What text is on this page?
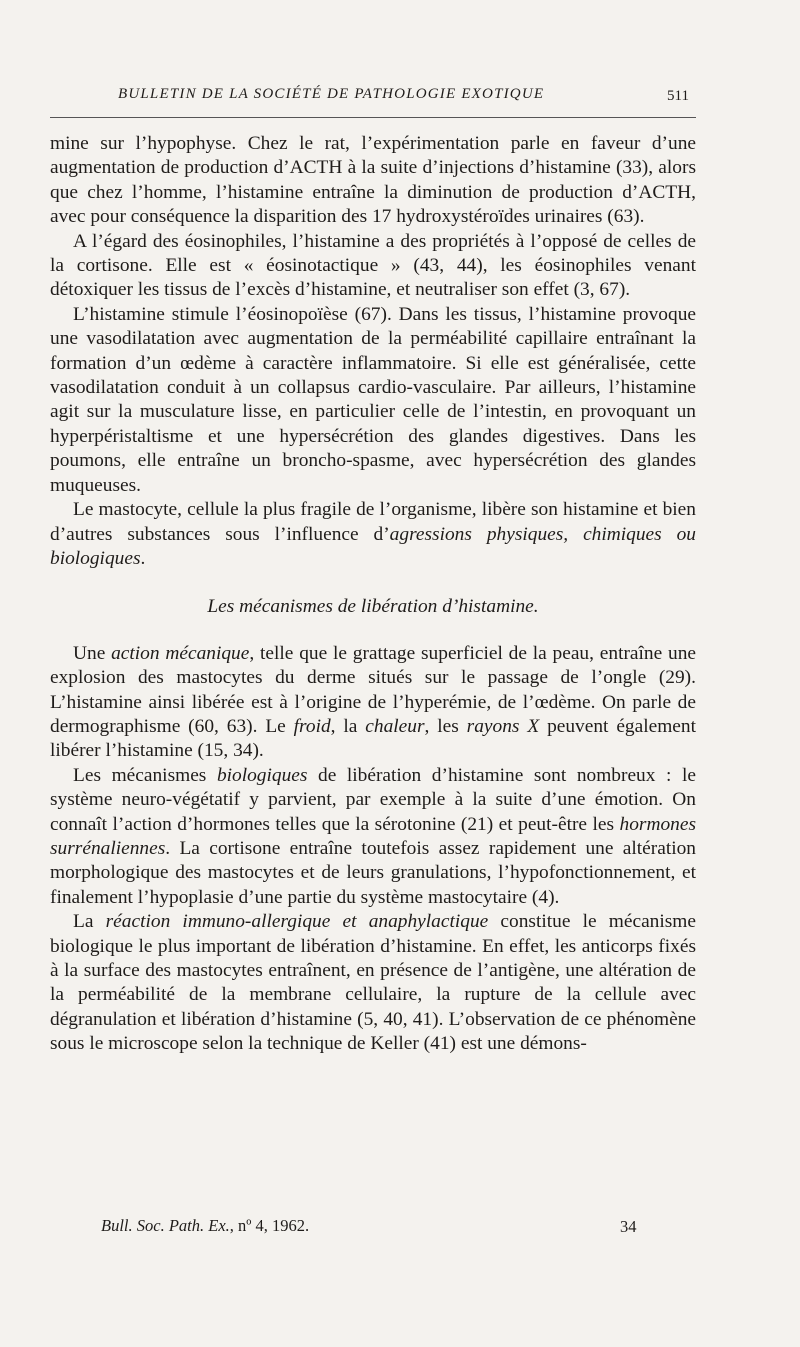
BULLETIN DE LA SOCIÉTÉ DE PATHOLOGIE EXOTIQUE	511

mine sur l’hypophyse. Chez le rat, l’expérimentation parle en faveur d’une augmentation de production d’ACTH à la suite d’injections d’histamine (33), alors que chez l’homme, l’histamine entraîne la diminution de production d’ACTH, avec pour conséquence la disparition des 17 hydroxystéroïdes urinaires (63).

A l’égard des éosinophiles, l’histamine a des propriétés à l’opposé de celles de la cortisone. Elle est « éosinotactique » (43, 44), les éosinophiles venant détoxiquer les tissus de l’excès d’histamine, et neutraliser son effet (3, 67).

L’histamine stimule l’éosinopoïèse (67). Dans les tissus, l’histamine provoque une vasodilatation avec augmentation de la perméabilité capillaire entraînant la formation d’un œdème à caractère inflammatoire. Si elle est généralisée, cette vasodilatation conduit à un collapsus cardio-vasculaire. Par ailleurs, l’histamine agit sur la musculature lisse, en particulier celle de l’intestin, en provoquant un hyperpéristaltisme et une hypersécrétion des glandes digestives. Dans les poumons, elle entraîne un broncho-spasme, avec hypersécrétion des glandes muqueuses.

Le mastocyte, cellule la plus fragile de l’organisme, libère son histamine et bien d’autres substances sous l’influence d’agressions physiques, chimiques ou biologiques.

Les mécanismes de libération d’histamine.

Une action mécanique, telle que le grattage superficiel de la peau, entraîne une explosion des mastocytes du derme situés sur le passage de l’ongle (29). L’histamine ainsi libérée est à l’origine de l’hyperémie, de l’œdème. On parle de dermographisme (60, 63). Le froid, la chaleur, les rayons X peuvent également libérer l’histamine (15, 34).

Les mécanismes biologiques de libération d’histamine sont nombreux : le système neuro-végétatif y parvient, par exemple à la suite d’une émotion. On connaît l’action d’hormones telles que la sérotonine (21) et peut-être les hormones surrénaliennes. La cortisone entraîne toutefois assez rapidement une altération morphologique des mastocytes et de leurs granulations, l’hypofonctionnement, et finalement l’hypoplasie d’une partie du système mastocytaire (4).

La réaction immuno-allergique et anaphylactique constitue le mécanisme biologique le plus important de libération d’histamine. En effet, les anticorps fixés à la surface des mastocytes entraînent, en présence de l’antigène, une altération de la perméabilité de la membrane cellulaire, la rupture de la cellule avec dégranulation et libération d’histamine (5, 40, 41). L’observation de ce phénomène sous le microscope selon la technique de Keller (41) est une démons-

Bull. Soc. Path. Ex., nº 4, 1962.	34
